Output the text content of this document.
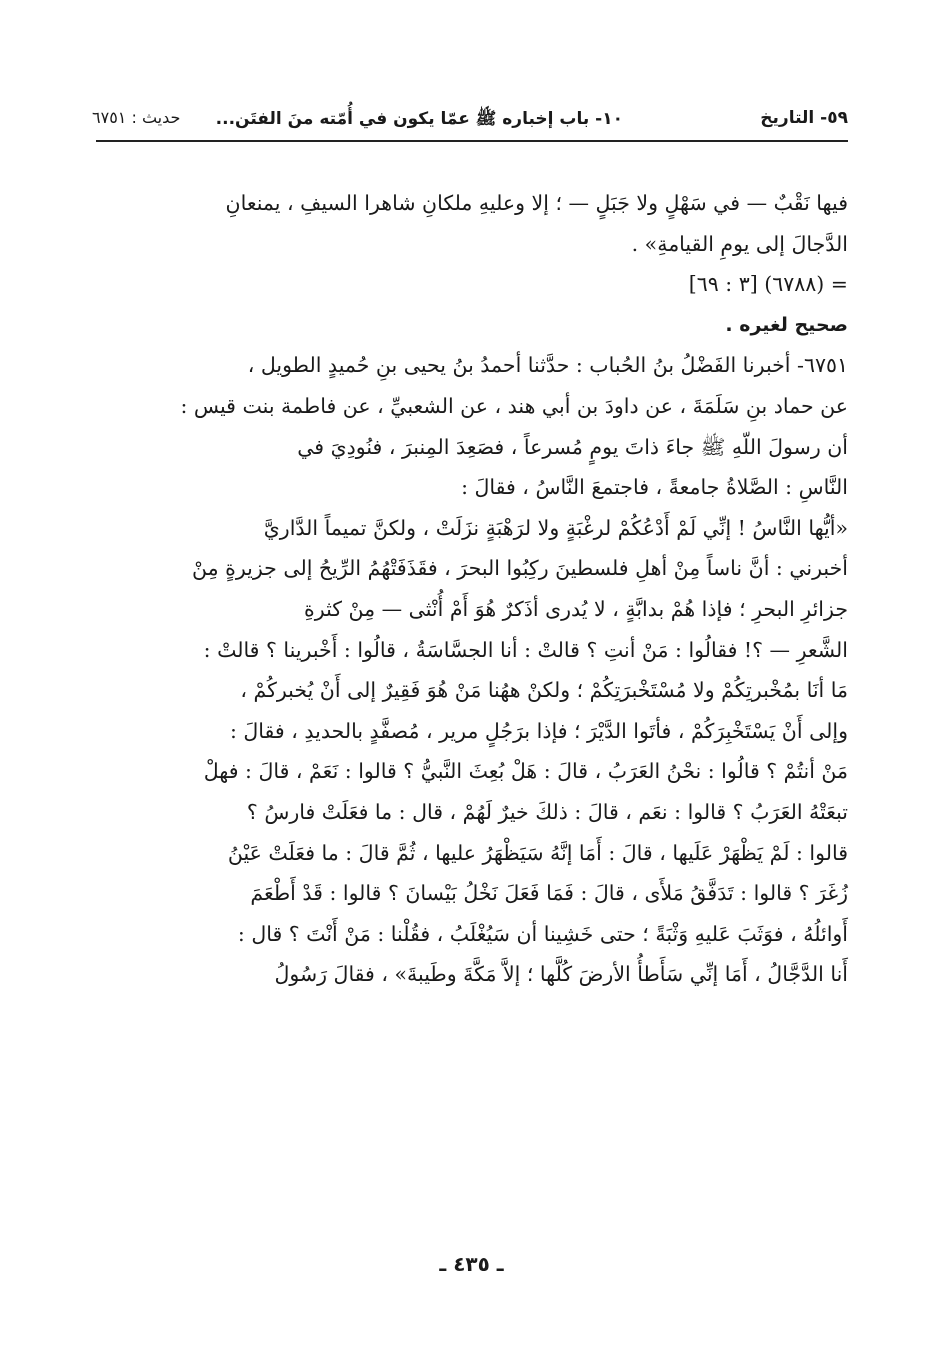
٥٩- التاريخ
١٠- باب إخباره ﷺ عمّا يكون في أُمّته منَ الفتَن...
حديث : ٦٧٥١

فيها نَقْبٌ — في سَهْلٍ ولا جَبَلٍ — ؛ إلا وعليهِ ملكانِ شاهرا السيفِ ، يمنعانِ

الدَّجالَ إلى يومِ القيامةِ» .

= (٦٧٨٨) [٣ : ٦٩]

صحيح لغيره .

٦٧٥١- أخبرنا الفَضْلُ بنُ الحُباب : حدَّثنا أحمدُ بنُ يحيى بنِ حُميدٍ الطويل ،

عن حماد بنِ سَلَمَةَ ، عن داودَ بن أبي هند ، عن الشعبيِّ ، عن فاطمة بنت قيس :

أن رسولَ اللّهِ ﷺ جاءَ ذاتَ يومٍ مُسرعاً ، فصَعِدَ المِنبرَ ، فنُودِيَ في

النَّاسِ : الصَّلاةُ جامعةً ، فاجتمعَ النَّاسُ ، فقالَ :

«أيُّها النَّاسُ ! إنِّي لَمْ أَدْعُكُمْ لرغْبَةٍ ولا لرَهْبَةٍ نزَلَتْ ، ولكنَّ تميماً الدَّاريَّ

أخبرني : أنَّ ناساً مِنْ أهلِ فلسطينَ ركِبُوا البحرَ ، فقَذَفَتْهُمُ الرِّيحُ إلى جزيرةٍ مِنْ

جزائرِ البحرِ ؛ فإذا هُمْ بدابَّةٍ ، لا يُدرى أذَكرٌ هُوَ أَمْ أُنْثى — مِنْ كثرةِ

الشَّعرِ — ؟! فقالُوا : مَنْ أنتِ ؟ قالتْ : أنا الجسَّاسَةُ ، قالُوا : أَخْبرينا ؟ قالتْ :

مَا أنَا بمُخْبرتِكُمْ ولا مُسْتَخْبرَتِكُمْ ؛ ولكنْ ههُنا مَنْ هُوَ فَقِيرٌ إلى أَنْ يُخبركُمْ ،

وإلى أَنْ يَسْتَخْبِرَكُمْ ، فأتَوا الدَّيْرَ ؛ فإذا برَجُلٍ مرير ، مُصفَّدٍ بالحديدِ ، فقالَ :

مَنْ أنتُمْ ؟ قالُوا : نحْنُ العَرَبُ ، قالَ : هَلْ بُعِثَ النَّبيُّ ؟ قالوا : نَعَمْ ، قالَ : فهلْ

تبعَتْهُ العَرَبُ ؟ قالوا : نعَم ، قالَ : ذلكَ خيرٌ لَهُمْ ، قال : ما فعَلَتْ فارسُ ؟

قالوا : لَمْ يَظْهَرْ عَلَيها ، قالَ : أَمَا إنَّهُ سَيَظْهَرُ عليها ، ثُمَّ قالَ : ما فعَلَتْ عَيْنُ

زُغَرَ ؟ قالوا : تَدَفَّقُ مَلأَى ، قالَ : فَمَا فَعَلَ نَخْلُ بَيْسانَ ؟ قالوا : قَدْ أَطْعَمَ

أَوائلُهُ ، فوَثَبَ عَليهِ وَثْبَةً ؛ حتى خَشِينا أن سَيُغْلَبُ ، فقُلْنا : مَنْ أَنْتَ ؟ قال :

أَنا الدَّجَّالُ ، أَمَا إنِّي سَأَطأُ الأرضَ كُلَّها ؛ إلاَّ مَكَّةَ وطَيبةَ» ، فقالَ رَسُولُ

ـ ٤٣٥ ـ
